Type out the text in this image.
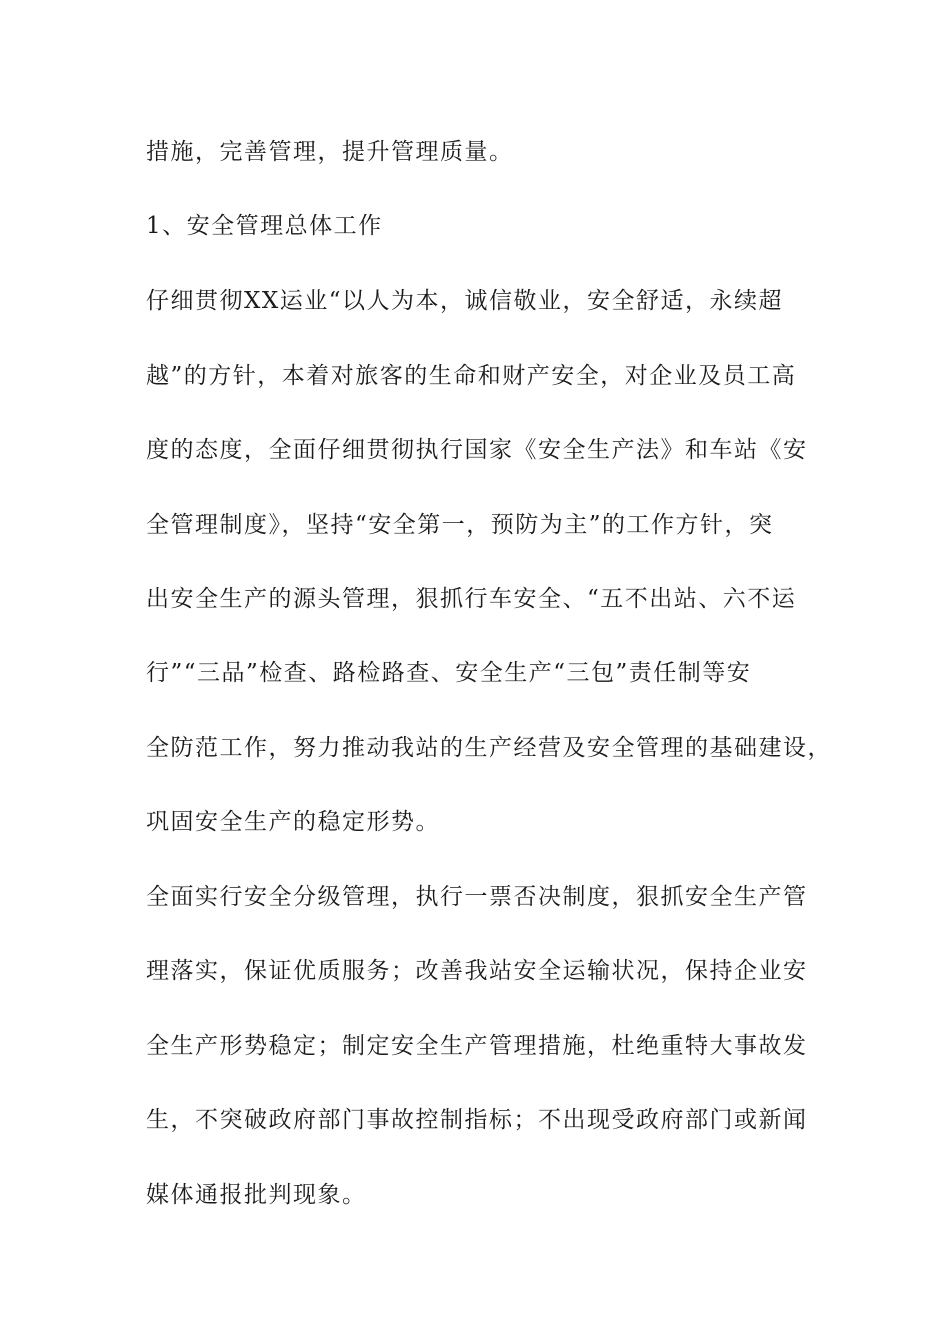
措施，完善管理，提升管理质量。
1、安全管理总体工作
仔细贯彻XX运业“以人为本，诚信敬业，安全舒适，永续超
越”的方针，本着对旅客的生命和财产安全，对企业及员工高
度的态度，全面仔细贯彻执行国家《安全生产法》和车站《安
全管理制度》，坚持“安全第一，预防为主”的工作方针，突
出安全生产的源头管理，狠抓行车安全、“五不出站、六不运
行”“三品”检查、路检路查、安全生产“三包”责任制等安
全防范工作，努力推动我站的生产经营及安全管理的基础建设，
巩固安全生产的稳定形势。
全面实行安全分级管理，执行一票否决制度，狠抓安全生产管
理落实，保证优质服务；改善我站安全运输状况，保持企业安
全生产形势稳定；制定安全生产管理措施，杜绝重特大事故发
生，不突破政府部门事故控制指标；不出现受政府部门或新闻
媒体通报批判现象。
